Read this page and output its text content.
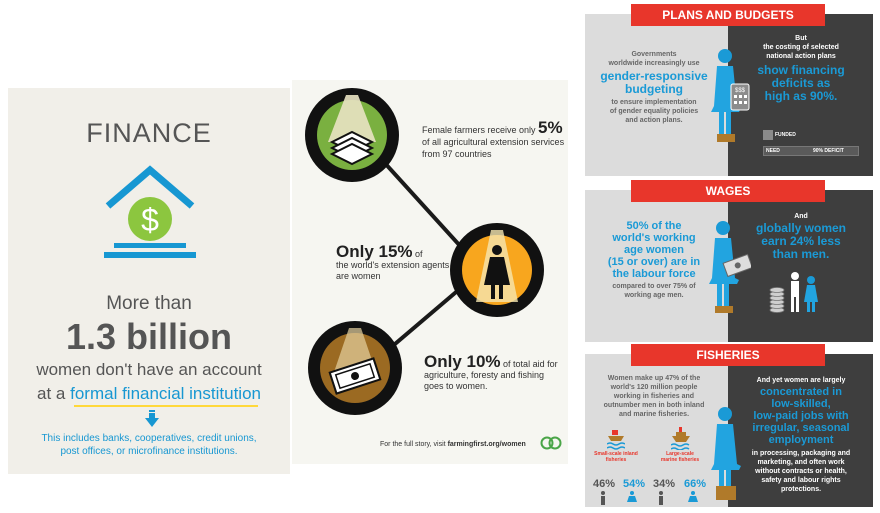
FINANCE
$
More than
1.3 billion
women don't have an account
at a formal financial institution
This includes banks, cooperatives, credit unions,
post offices, or microfinance institutions.
Female farmers receive only 5%
of all agricultural extension services from 97 countries
Only 15% of
the world's extension agents are women
Only 10% of total aid for agriculture, foresty and fishing goes to women.
For the full story, visit farmingfirst.org/women
Governments
worldwide increasingly use
gender-responsive
budgeting
to ensure implementation
of gender equality policies
and action plans.
$$$
But
the costing of selected
national action plans
show financing
deficits as
high as 90%.
FUNDED
NEED	90% DEFICIT
PLANS AND BUDGETS
50% of the
world's working
age women
(15 or over) are in
the labour force
compared to over 75% of
working age men.
And
globally women
earn 24% less
than men.
WAGES
Women make up 47% of the
world's 120 million people
working in fisheries and
outnumber men in both inland
and marine fisheries.
Small-scale inland
fisheries
Large-scale
marine fisheries
46% 54% 34% 66%
And yet women are largely
concentrated in
low-skilled,
low-paid jobs with
irregular, seasonal
employment
in processing, packaging and
marketing, and often work
without contracts or health,
safety and labour rights
protections.
FISHERIES
